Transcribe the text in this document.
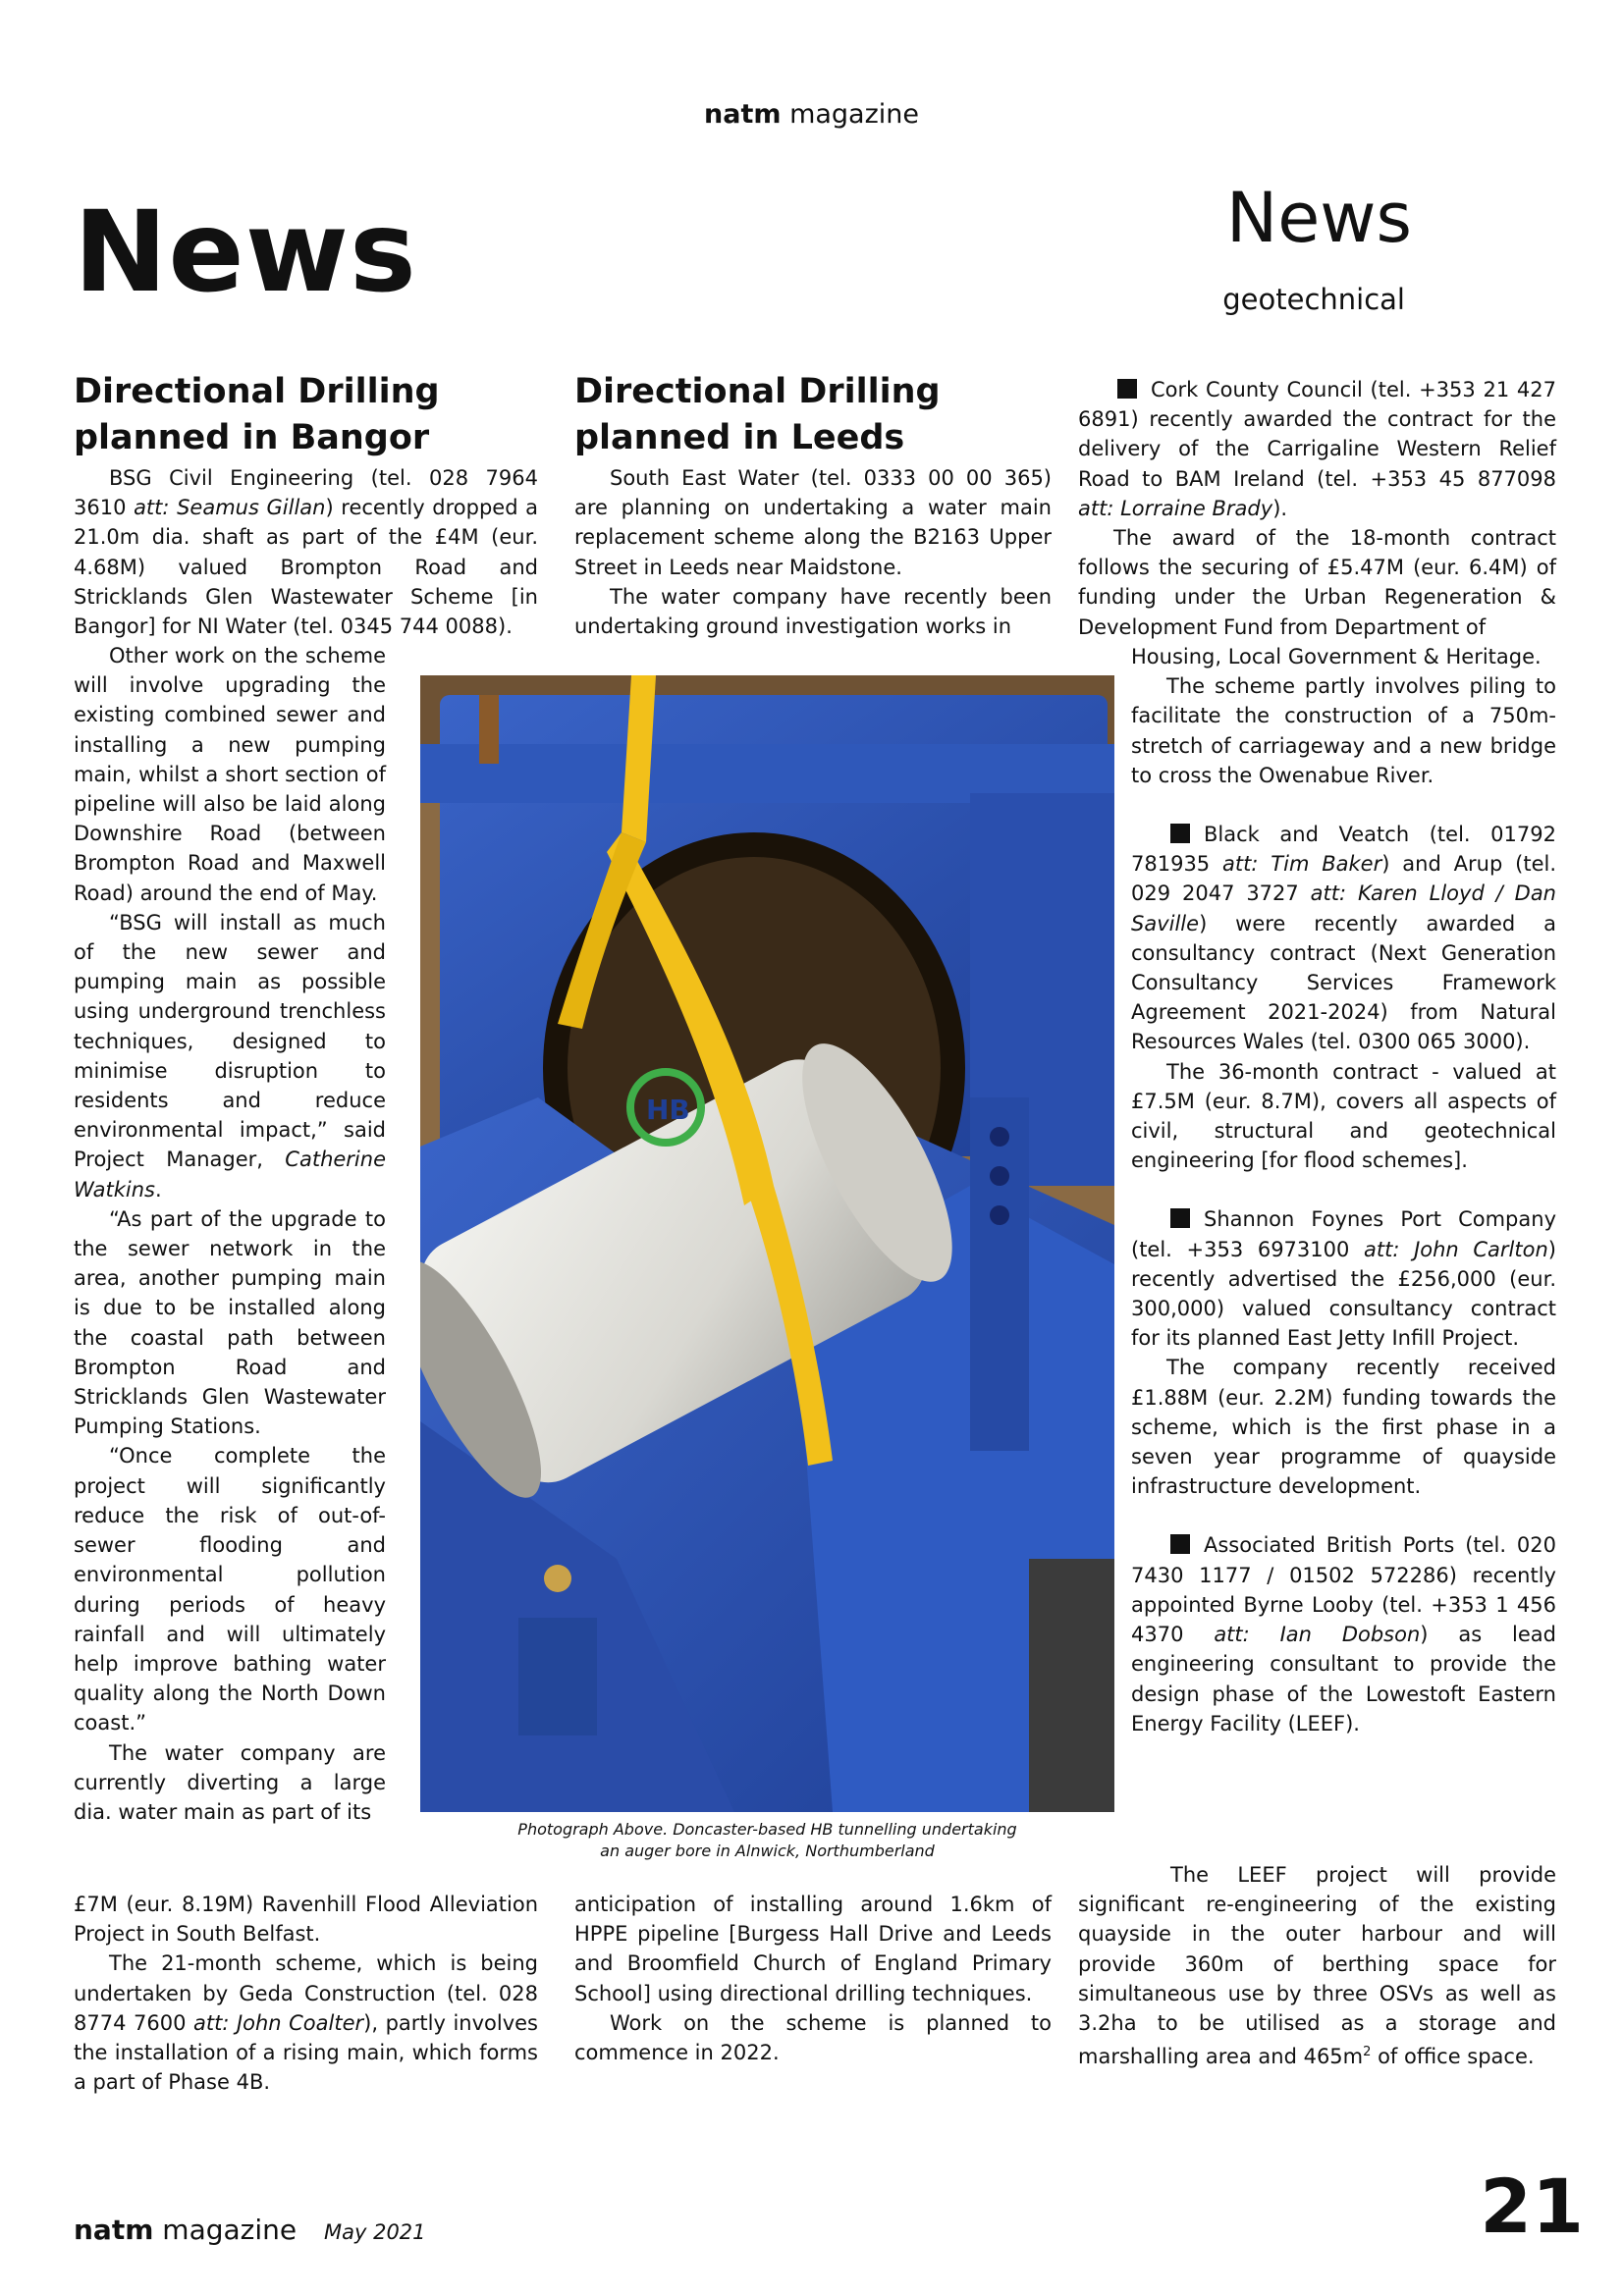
natm magazine
News	News
geotechnical
Directional Drilling
planned in Bangor

BSG Civil Engineering (tel. 028 7964 3610 att: Seamus Gillan) recently dropped a 21.0m dia. shaft as part of the £4M (eur. 4.68M) valued Brompton Road and Stricklands Glen Wastewater Scheme [in Bangor] for NI Water (tel. 0345 744 0088).

Other work on the scheme will involve upgrading the existing combined sewer and installing a new pumping main, whilst a short section of pipeline will also be laid along Downshire Road (between Brompton Road and Maxwell Road) around the end of May.

“BSG will install as much of the new sewer and pumping main as possible using underground trenchless techniques, designed to minimise disruption to residents and reduce environmental impact,” said Project Manager, Catherine Watkins.

“As part of the upgrade to the sewer network in the area, another pumping main is due to be installed along the coastal path between Brompton Road and Stricklands Glen Wastewater Pumping Stations.

“Once complete the project will significantly reduce the risk of out-of-sewer flooding and environmental pollution during periods of heavy rainfall and will ultimately help improve bathing water quality along the North Down coast.”

The water company are currently diverting a large dia. water main as part of its

£7M (eur. 8.19M) Ravenhill Flood Alleviation Project in South Belfast.

The 21-month scheme, which is being undertaken by Geda Construction (tel. 028 8774 7600 att: John Coalter), partly involves the installation of a rising main, which forms a part of Phase 4B.

Directional Drilling
planned in Leeds

South East Water (tel. 0333 00 00 365) are planning on undertaking a water main replacement scheme along the B2163 Upper Street in Leeds near Maidstone.

The water company have recently been undertaking ground investigation works in

anticipation of installing around 1.6km of HPPE pipeline [Burgess Hall Drive and Leeds and Broomfield Church of England Primary School] using directional drilling techniques.

Work on the scheme is planned to commence in 2022.

HB
Photograph Above. Doncaster-based HB tunnelling undertaking
an auger bore in Alnwick, Northumberland

Cork County Council (tel. +353 21 427 6891) recently awarded the contract for the delivery of the Carrigaline Western Relief Road to BAM Ireland (tel. +353 45 877098 att: Lorraine Brady).

The award of the 18-month contract follows the securing of £5.47M (eur. 6.4M) of funding under the Urban Regeneration & Development Fund from Department of

Housing, Local Government & Heritage.

The scheme partly involves piling to facilitate the construction of a 750m-stretch of carriageway and a new bridge to cross the Owenabue River.

Black and Veatch (tel. 01792 781935 att: Tim Baker) and Arup (tel. 029 2047 3727 att: Karen Lloyd / Dan Saville) were recently awarded a consultancy contract (Next Generation Consultancy Services Framework Agreement 2021-2024) from Natural Resources Wales (tel. 0300 065 3000).

The 36-month contract - valued at £7.5M (eur. 8.7M), covers all aspects of civil, structural and geotechnical engineering [for flood schemes].

Shannon Foynes Port Company (tel. +353 6973100 att: John Carlton) recently advertised the £256,000 (eur. 300,000) valued consultancy contract for its planned East Jetty Infill Project.

The company recently received £1.88M (eur. 2.2M) funding towards the scheme, which is the first phase in a seven year programme of quayside infrastructure development.

Associated British Ports (tel. 020 7430 1177 / 01502 572286) recently appointed Byrne Looby (tel. +353 1 456 4370 att: Ian Dobson) as lead engineering consultant to provide the design phase of the Lowestoft Eastern Energy Facility (LEEF).

The LEEF project will provide significant re-engineering of the existing quayside in the outer harbour and will provide 360m of berthing space for simultaneous use by three OSVs as well as 3.2ha to be utilised as a storage and marshalling area and $465m^2$ of office space.

natm magazine May 2021	21
